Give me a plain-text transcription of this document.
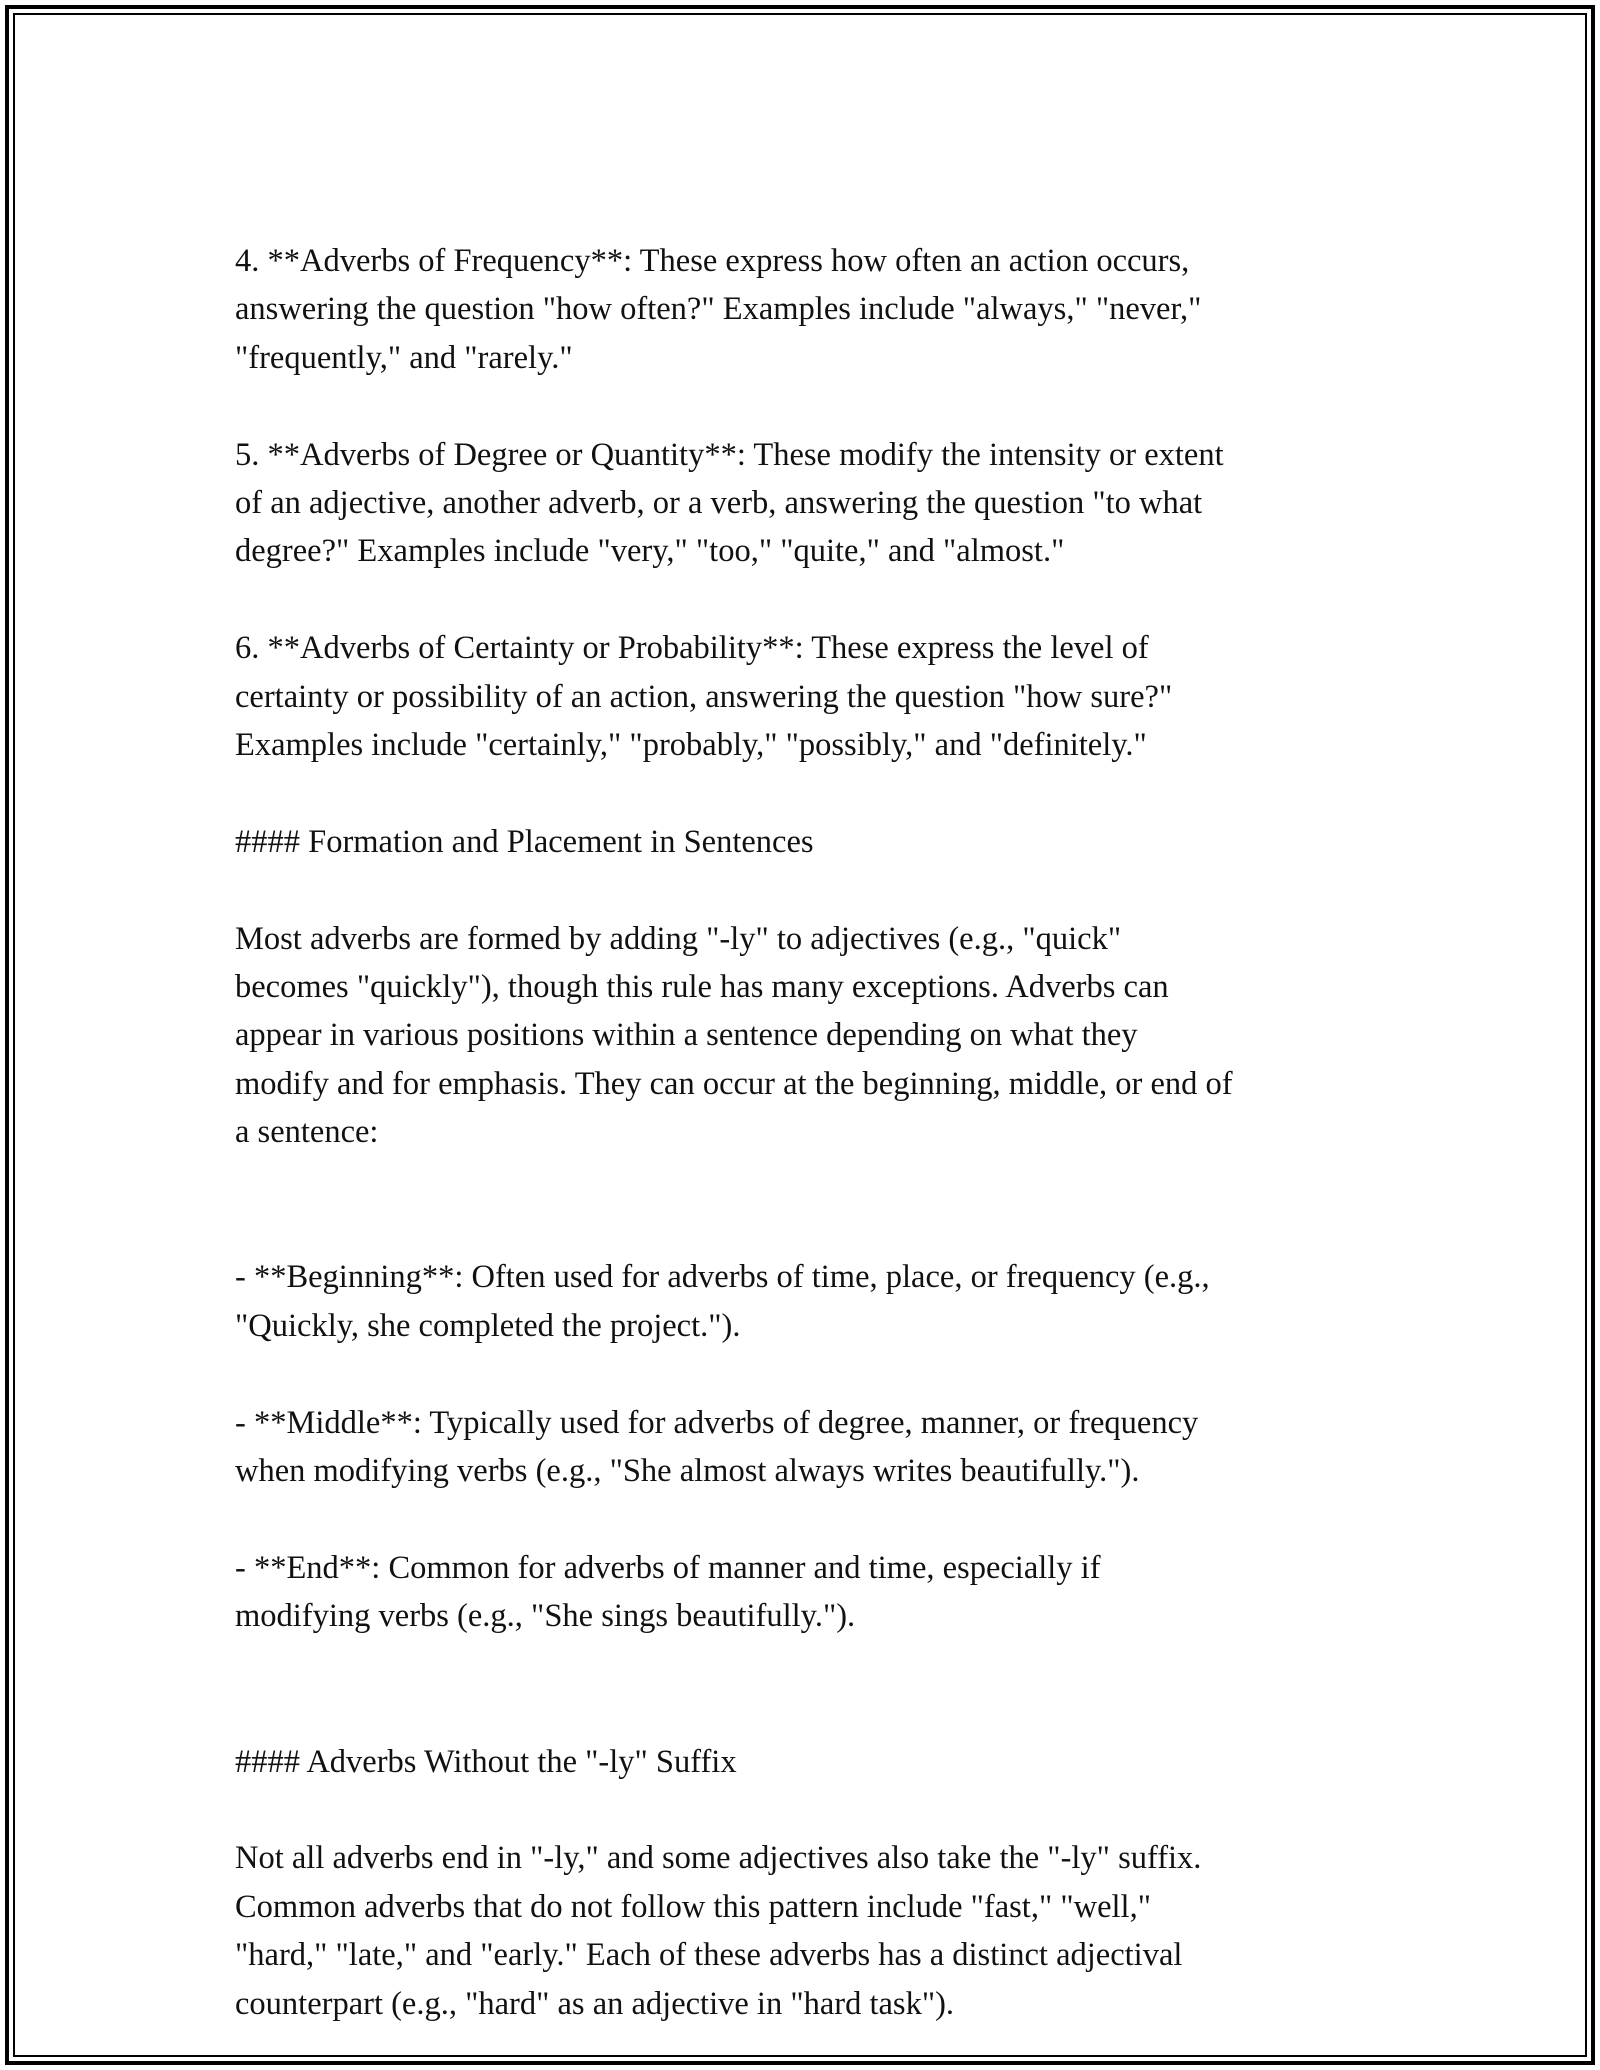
4. **Adverbs of Frequency**: These express how often an action occurs,
answering the question "how often?" Examples include "always," "never,"
"frequently," and "rarely."

5. **Adverbs of Degree or Quantity**: These modify the intensity or extent
of an adjective, another adverb, or a verb, answering the question "to what
degree?" Examples include "very," "too," "quite," and "almost."

6. **Adverbs of Certainty or Probability**: These express the level of
certainty or possibility of an action, answering the question "how sure?"
Examples include "certainly," "probably," "possibly," and "definitely."

#### Formation and Placement in Sentences

Most adverbs are formed by adding "-ly" to adjectives (e.g., "quick"
becomes "quickly"), though this rule has many exceptions. Adverbs can
appear in various positions within a sentence depending on what they
modify and for emphasis. They can occur at the beginning, middle, or end of
a sentence:

- **Beginning**: Often used for adverbs of time, place, or frequency (e.g.,
"Quickly, she completed the project.").

- **Middle**: Typically used for adverbs of degree, manner, or frequency
when modifying verbs (e.g., "She almost always writes beautifully.").

- **End**: Common for adverbs of manner and time, especially if
modifying verbs (e.g., "She sings beautifully.").

#### Adverbs Without the "-ly" Suffix

Not all adverbs end in "-ly," and some adjectives also take the "-ly" suffix.
Common adverbs that do not follow this pattern include "fast," "well,"
"hard," "late," and "early." Each of these adverbs has a distinct adjectival
counterpart (e.g., "hard" as an adjective in "hard task").
